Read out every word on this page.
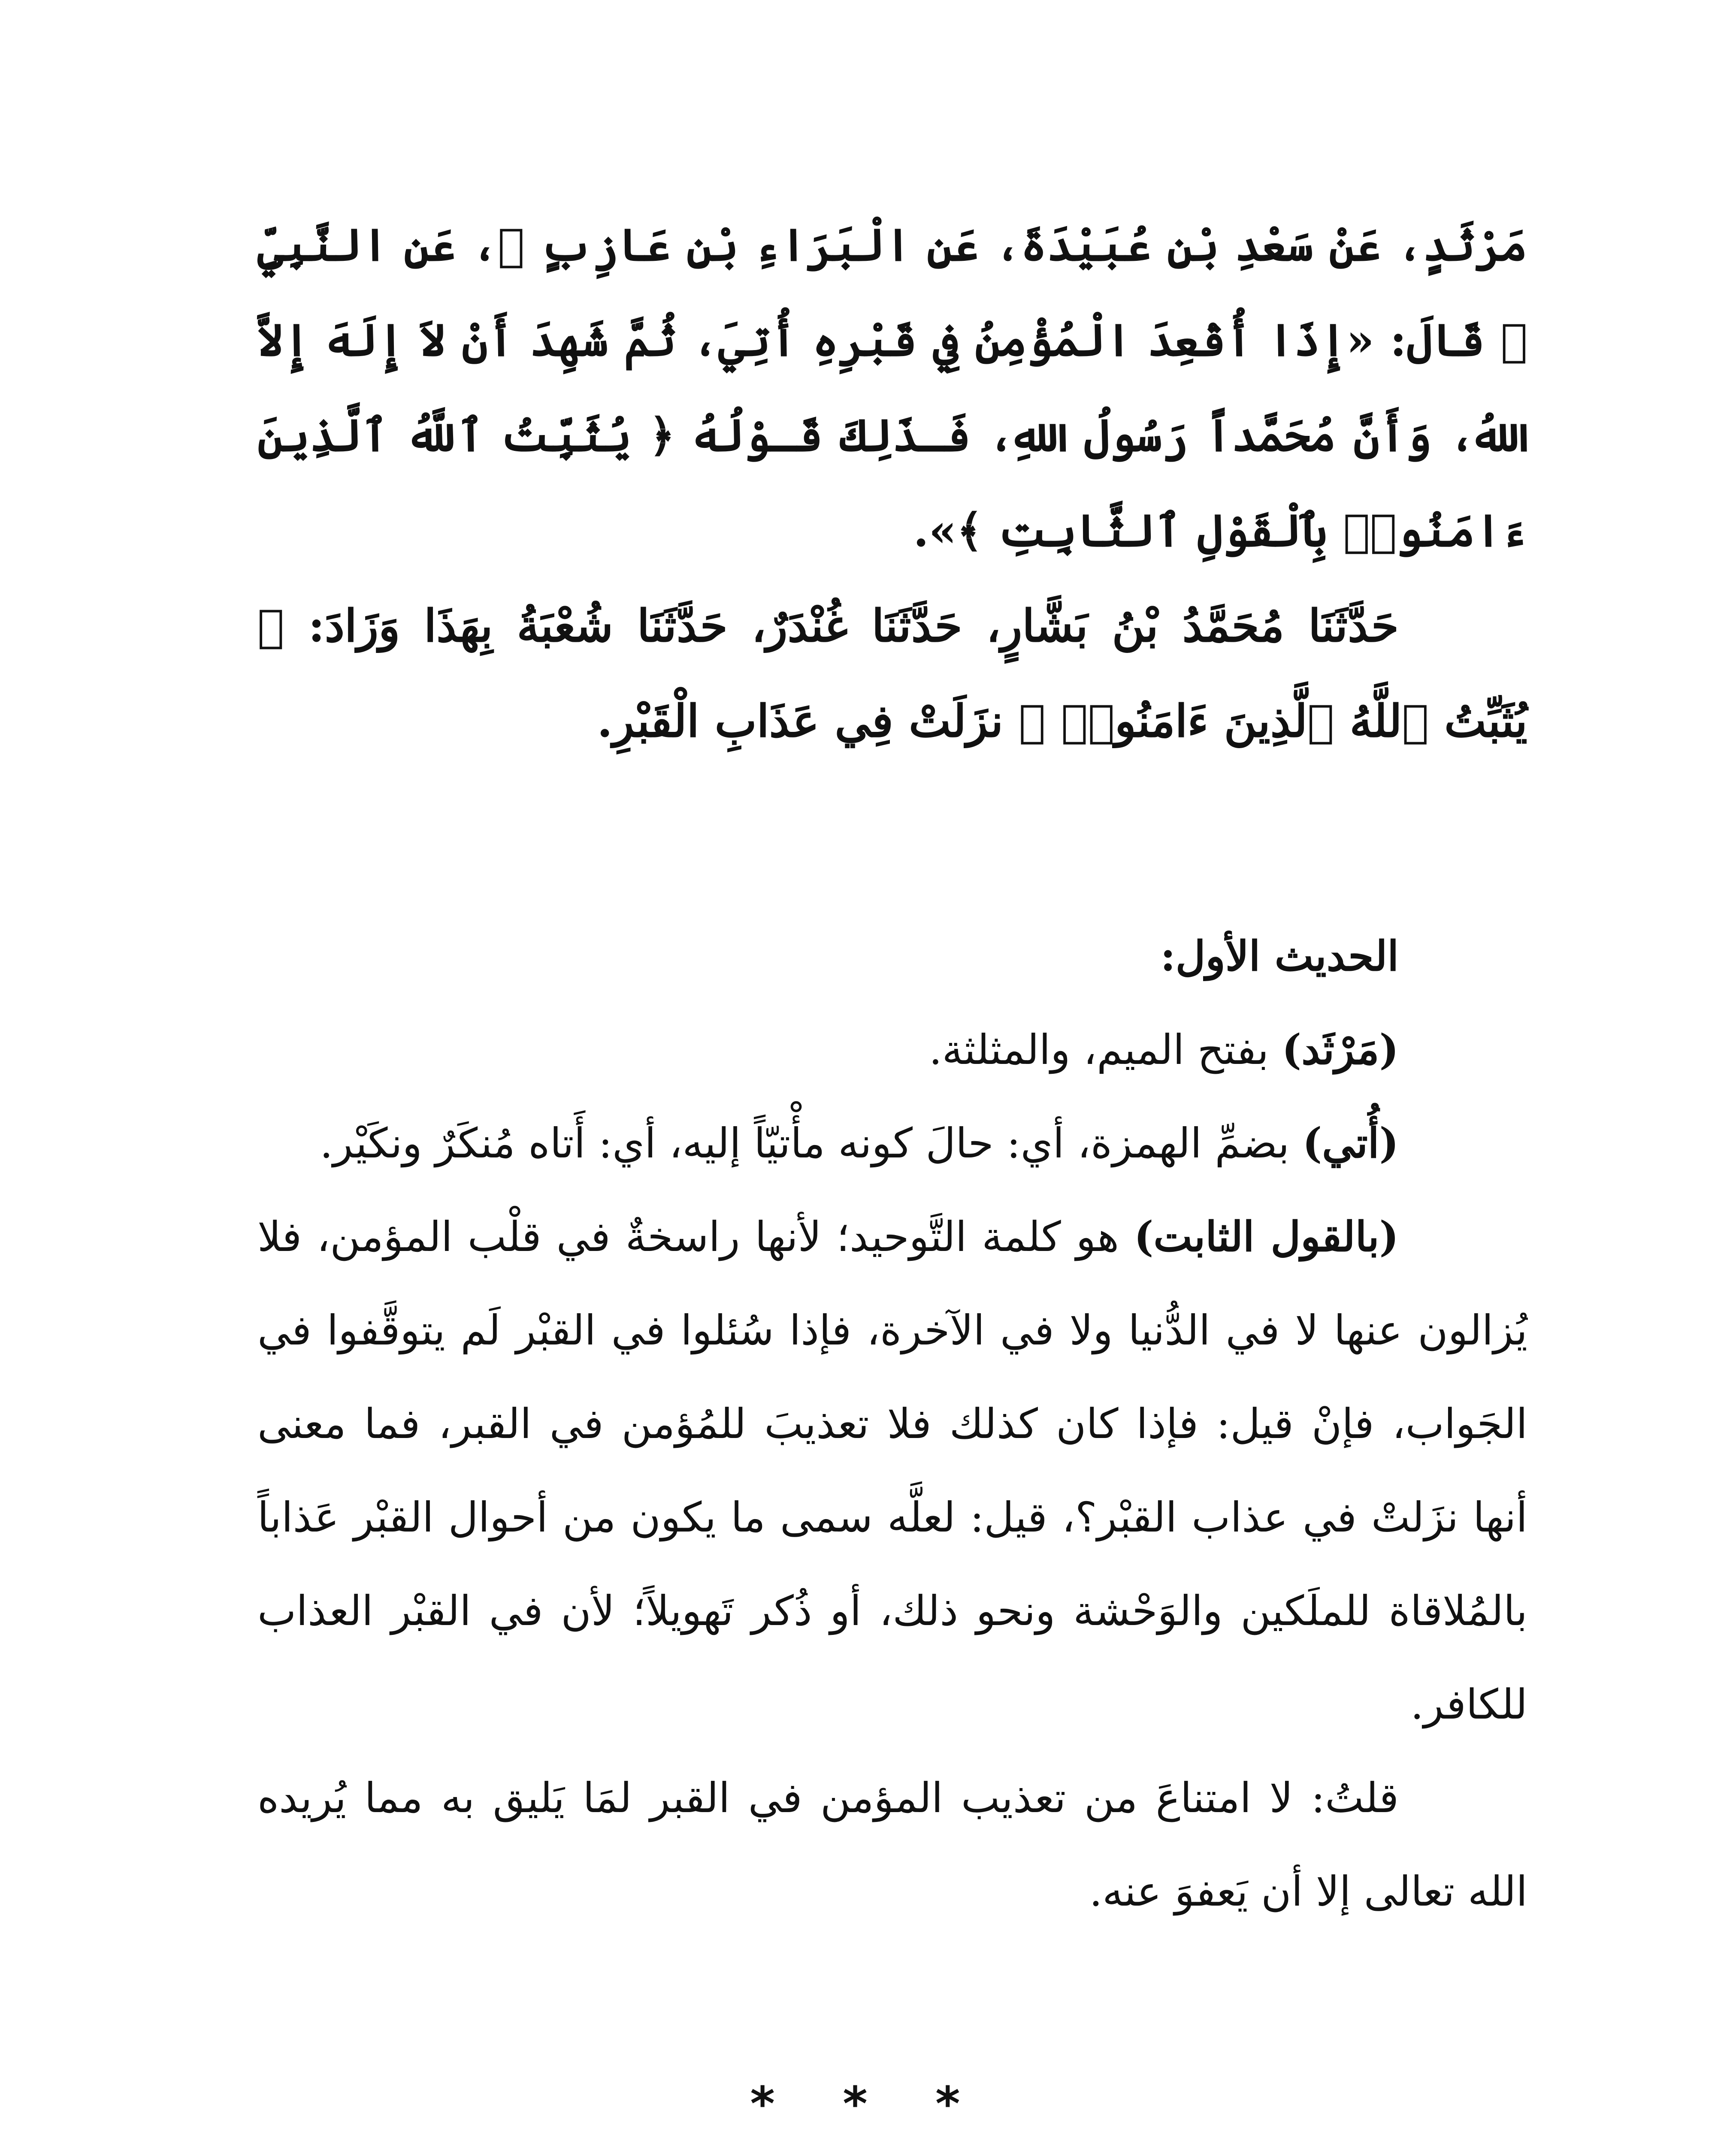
مَرْثَدٍ، عَنْ سَعْدِ بْنِ عُبَيْدَةَ، عَنِ الْبَرَاءِ بْنِ عَازِبٍ ﵄، عَنِ النَّبِيِّ ﷺ قَالَ: «إِذَا أُقْعِدَ الْمُؤْمِنُ فِي قَبْرِهِ أُتِيَ، ثُمَّ شَهِدَ أَنْ لاَ إِلَهَ إِلاَّ اللهُ، وَأَنَّ مُحَمَّداً رَسُولُ اللهِ، فَـذَلِكَ قَـوْلُهُ ﴿ يُثَبِّتُ ٱللَّهُ ٱلَّذِينَ ءَامَنُوا۟ بِٱلْقَوْلِ ٱلثَّابِتِ ﴾».

حَدَّثَنَا مُحَمَّدُ بْنُ بَشَّارٍ، حَدَّثَنَا غُنْدَرٌ، حَدَّثَنَا شُعْبَةُ بِهَذَا وَزَادَ: ﴿ يُثَبِّتُ ٱللَّهُ ٱلَّذِينَ ءَامَنُوا۟ ﴾ نزَلَتْ فِي عَذَابِ الْقَبْرِ.

الحديث الأول:

(مَرْثَد) بفتح الميم، والمثلثة.

(أُتي) بضمِّ الهمزة، أي: حالَ كونه مأْتيّاً إليه، أي: أَتاه مُنكَرٌ ونكَيْر.

(بالقول الثابت) هو كلمة التَّوحيد؛ لأنها راسخةٌ في قلْب المؤمن، فلا يُزالون عنها لا في الدُّنيا ولا في الآخرة، فإذا سُئلوا في القبْر لَم يتوقَّفوا في الجَواب، فإنْ قيل: فإذا كان كذلك فلا تعذيبَ للمُؤمن في القبر، فما معنى أنها نزَلتْ في عذاب القبْر؟، قيل: لعلَّه سمى ما يكون من أحوال القبْر عَذاباً بالمُلاقاة للملَكين والوَحْشة ونحو ذلك، أو ذُكر تَهويلاً؛ لأن في القبْر العذاب للكافر.

قلتُ: لا امتناعَ من تعذيب المؤمن في القبر لمَا يَليق به مما يُريده الله تعالى إلا أن يَعفوَ عنه.

* * *
